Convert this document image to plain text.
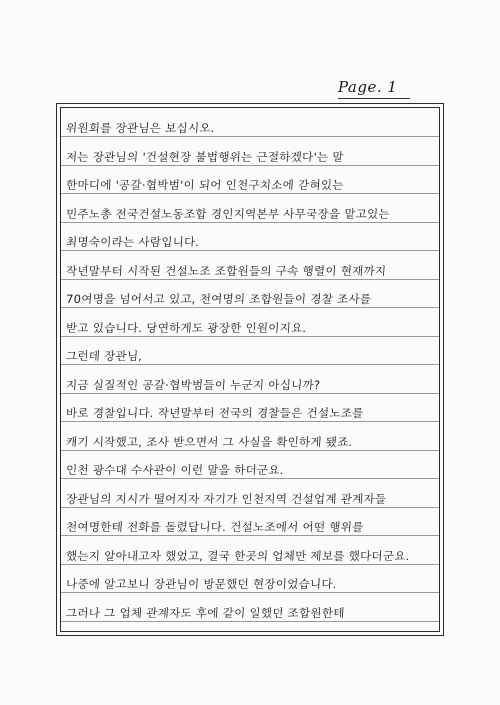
Page. 1
위원회를 장관님은 보십시오.
저는 장관님의 '건설현장 불법행위는 근절하겠다'는 말
한마디에 '공갈·협박범'이 되어 인천구치소에 갇혀있는
민주노총 전국건설노동조합 경인지역본부 사무국장을 맡고있는
최명숙이라는 사람입니다.
작년말부터 시작된 건설노조 조합원들의 구속 행렬이 현재까지
70여명을 넘어서고 있고, 천여명의 조합원들이 경찰 조사를
받고 있습니다. 당연하게도 광장한 인원이지요.
그런데 장관님,
지금 실질적인 공갈·협박범들이 누군지 아십니까?
바로 경찰입니다. 작년말부터 전국의 경찰들은 건설노조를
캐기 시작했고, 조사 받으면서 그 사실을 확인하게 됐죠.
인천 광수대 수사관이 이런 말을 하더군요.
장관님의 지시가 떨어지자 자기가 인천지역 건설업계 관계자들
천여명한테 전화를 돌렸답니다. 건설노조에서 어떤 행위를
했는지 알아내고자 했었고, 결국 한곳의 업체만 제보를 했다더군요.
나중에 알고보니 장관님이 방문했던 현장이었습니다.
그러나 그 업체 관계자도 후에 같이 일했던 조합원한테
